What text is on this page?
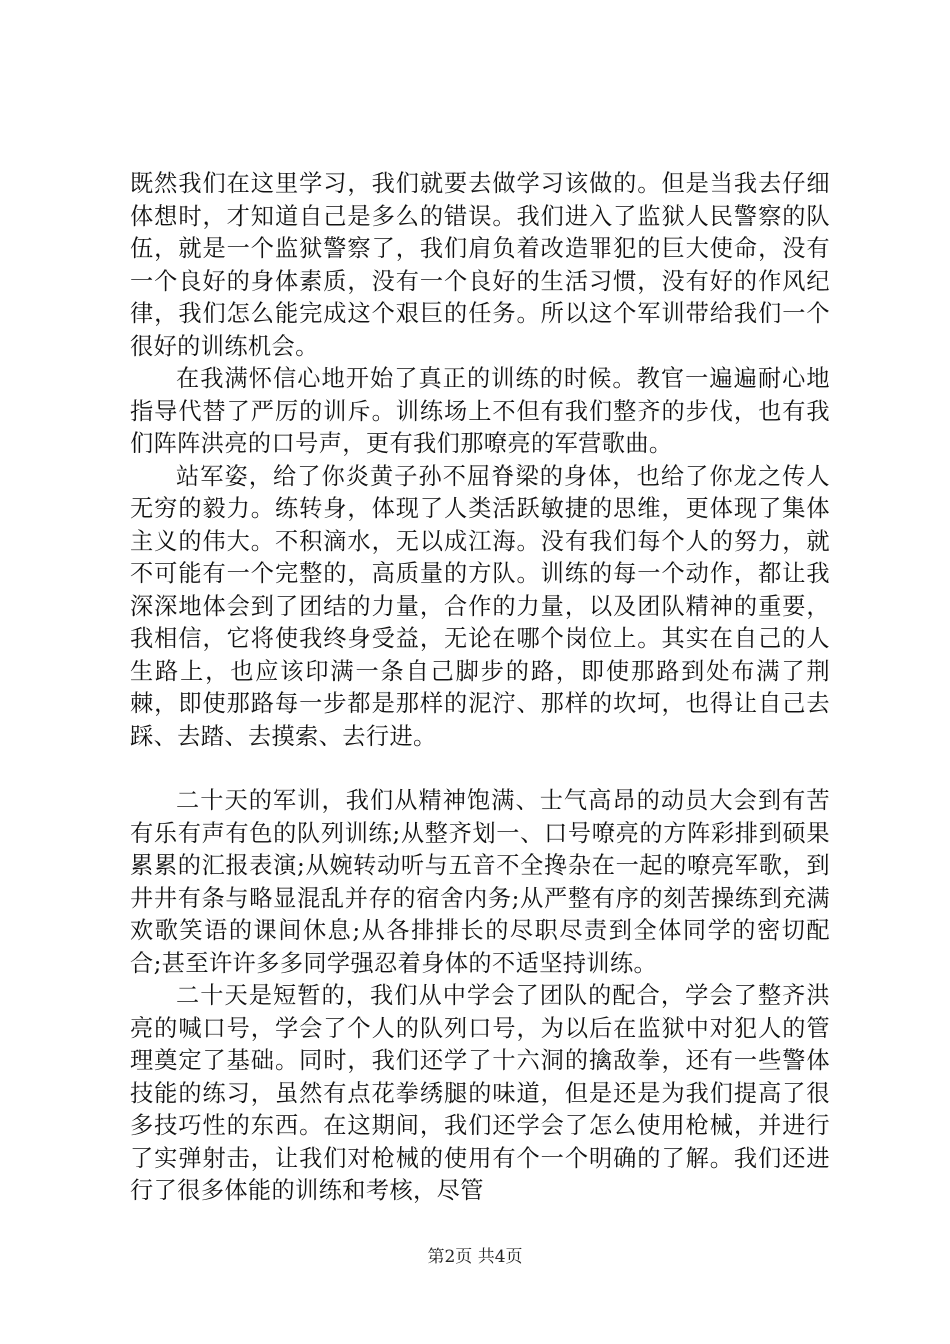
既然我们在这里学习，我们就要去做学习该做的。但是当我去仔细体想时，才知道自己是多么的错误。我们进入了监狱人民警察的队伍，就是一个监狱警察了，我们肩负着改造罪犯的巨大使命，没有一个良好的身体素质，没有一个良好的生活习惯，没有好的作风纪律，我们怎么能完成这个艰巨的任务。所以这个军训带给我们一个很好的训练机会。

在我满怀信心地开始了真正的训练的时候。教官一遍遍耐心地指导代替了严厉的训斥。训练场上不但有我们整齐的步伐，也有我们阵阵洪亮的口号声，更有我们那嘹亮的军营歌曲。

站军姿，给了你炎黄子孙不屈脊梁的身体，也给了你龙之传人无穷的毅力。练转身，体现了人类活跃敏捷的思维，更体现了集体主义的伟大。不积滴水，无以成江海。没有我们每个人的努力，就不可能有一个完整的，高质量的方队。训练的每一个动作，都让我深深地体会到了团结的力量，合作的力量，以及团队精神的重要，我相信，它将使我终身受益，无论在哪个岗位上。其实在自己的人生路上，也应该印满一条自己脚步的路，即使那路到处布满了荆棘，即使那路每一步都是那样的泥泞、那样的坎坷，也得让自己去踩、去踏、去摸索、去行进。

二十天的军训，我们从精神饱满、士气高昂的动员大会到有苦有乐有声有色的队列训练;从整齐划一、口号嘹亮的方阵彩排到硕果累累的汇报表演;从婉转动听与五音不全搀杂在一起的嘹亮军歌，到井井有条与略显混乱并存的宿舍内务;从严整有序的刻苦操练到充满欢歌笑语的课间休息;从各排排长的尽职尽责到全体同学的密切配合;甚至许许多多同学强忍着身体的不适坚持训练。

二十天是短暂的，我们从中学会了团队的配合，学会了整齐洪亮的喊口号，学会了个人的队列口号，为以后在监狱中对犯人的管理奠定了基础。同时，我们还学了十六洞的擒敌拳，还有一些警体技能的练习，虽然有点花拳绣腿的味道，但是还是为我们提高了很多技巧性的东西。在这期间，我们还学会了怎么使用枪械，并进行了实弹射击，让我们对枪械的使用有个一个明确的了解。我们还进行了很多体能的训练和考核，尽管

第2页 共4页
